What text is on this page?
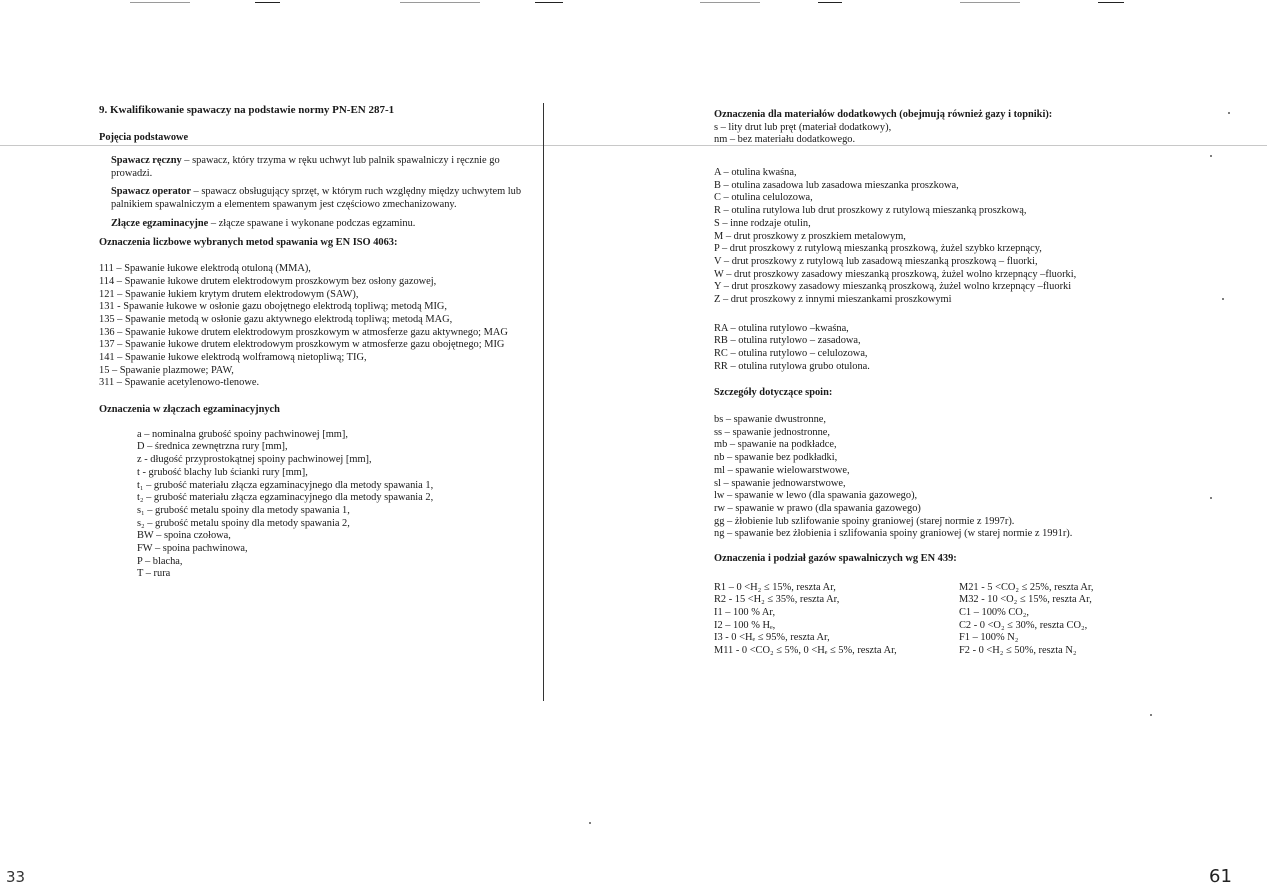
9. Kwalifikowanie spawaczy na podstawie normy PN-EN 287-1

Pojęcia podstawowe

Spawacz ręczny – spawacz, który trzyma w ręku uchwyt lub palnik spawalniczy i ręcznie go prowadzi.

Spawacz operator – spawacz obsługujący sprzęt, w którym ruch względny między uchwytem lub palnikiem spawalniczym a elementem spawanym jest częściowo zmechanizowany.

Złącze egzaminacyjne – złącze spawane i wykonane podczas egzaminu.

Oznaczenia liczbowe wybranych metod spawania wg EN ISO 4063:

111 – Spawanie łukowe elektrodą otuloną (MMA),

114 – Spawanie łukowe drutem elektrodowym proszkowym bez osłony gazowej,

121 – Spawanie łukiem krytym drutem elektrodowym (SAW),

131 - Spawanie łukowe w osłonie gazu obojętnego elektrodą topliwą; metodą MIG,

135 – Spawanie metodą w osłonie gazu aktywnego elektrodą topliwą; metodą MAG,

136 – Spawanie łukowe drutem elektrodowym proszkowym w atmosferze gazu aktywnego; MAG

137 – Spawanie łukowe drutem elektrodowym proszkowym w atmosferze gazu obojętnego; MIG

141 – Spawanie łukowe elektrodą wolframową nietopliwą; TIG,

15 – Spawanie plazmowe; PAW,

311 – Spawanie acetylenowo-tlenowe.

Oznaczenia w złączach egzaminacyjnych

a – nominalna grubość spoiny pachwinowej [mm],

D – średnica zewnętrzna rury [mm],

z - długość przyprostokątnej spoiny pachwinowej [mm],

t - grubość blachy lub ścianki rury [mm],

t₁ – grubość materiału złącza egzaminacyjnego dla metody spawania 1,

t₂ – grubość materiału złącza egzaminacyjnego dla metody spawania 2,

s₁ – grubość metalu spoiny dla metody spawania 1,

s₂ – grubość metalu spoiny dla metody spawania 2,

BW – spoina czołowa,

FW – spoina pachwinowa,

P – blacha,

T – rura

Oznaczenia dla materiałów dodatkowych (obejmują również gazy i topniki):

s – lity drut lub pręt (materiał dodatkowy),

nm – bez materiału dodatkowego.

A – otulina kwaśna,

B – otulina zasadowa lub zasadowa mieszanka proszkowa,

C – otulina celulozowa,

R – otulina rutylowa lub drut proszkowy z rutylową mieszanką proszkową,

S – inne rodzaje otulin,

M – drut proszkowy z proszkiem metalowym,

P – drut proszkowy z rutylową mieszanką proszkową, żużel szybko krzepnący,

V – drut proszkowy z rutylową lub zasadową mieszanką proszkową – fluorki,

W – drut proszkowy zasadowy mieszanką proszkową, żużel wolno krzepnący –fluorki,

Y – drut proszkowy zasadowy mieszanką proszkową, żużel wolno krzepnący –fluorki

Z – drut proszkowy z innymi mieszankami proszkowymi

RA – otulina rutylowo –kwaśna,

RB – otulina rutylowo – zasadowa,

RC – otulina rutylowo – celulozowa,

RR – otulina rutylowa grubo otulona.

Szczegóły dotyczące spoin:

bs – spawanie dwustronne,

ss – spawanie jednostronne,

mb – spawanie na podkładce,

nb – spawanie bez podkładki,

ml – spawanie wielowarstwowe,

sl – spawanie jednowarstwowe,

lw – spawanie w lewo (dla spawania gazowego),

rw – spawanie w prawo (dla spawania gazowego)

gg – żłobienie lub szlifowanie spoiny graniowej (starej normie z 1997r).

ng – spawanie bez żłobienia i szlifowania spoiny graniowej (w starej normie z 1991r).

Oznaczenia i podział gazów spawalniczych wg EN 439:

R1 – 0 <H₂ ≤ 15%, reszta Ar,	M21 - 5 <CO₂ ≤ 25%, reszta Ar,

R2 - 15 <H₂ ≤ 35%, reszta Ar,	M32 - 10 <O₂ ≤ 15%, reszta Ar,

I1 – 100 % Ar,	C1 – 100% CO₂,

I2 – 100 % Hₑ,	C2 - 0 <O₂ ≤ 30%, reszta CO₂,

I3 - 0 <Hₑ ≤ 95%, reszta Ar,	F1 – 100% N₂

M11 - 0 <CO₂ ≤ 5%, 0 <Hₑ ≤ 5%, reszta Ar,	F2 - 0 <H₂ ≤ 50%, reszta N₂

33	61
